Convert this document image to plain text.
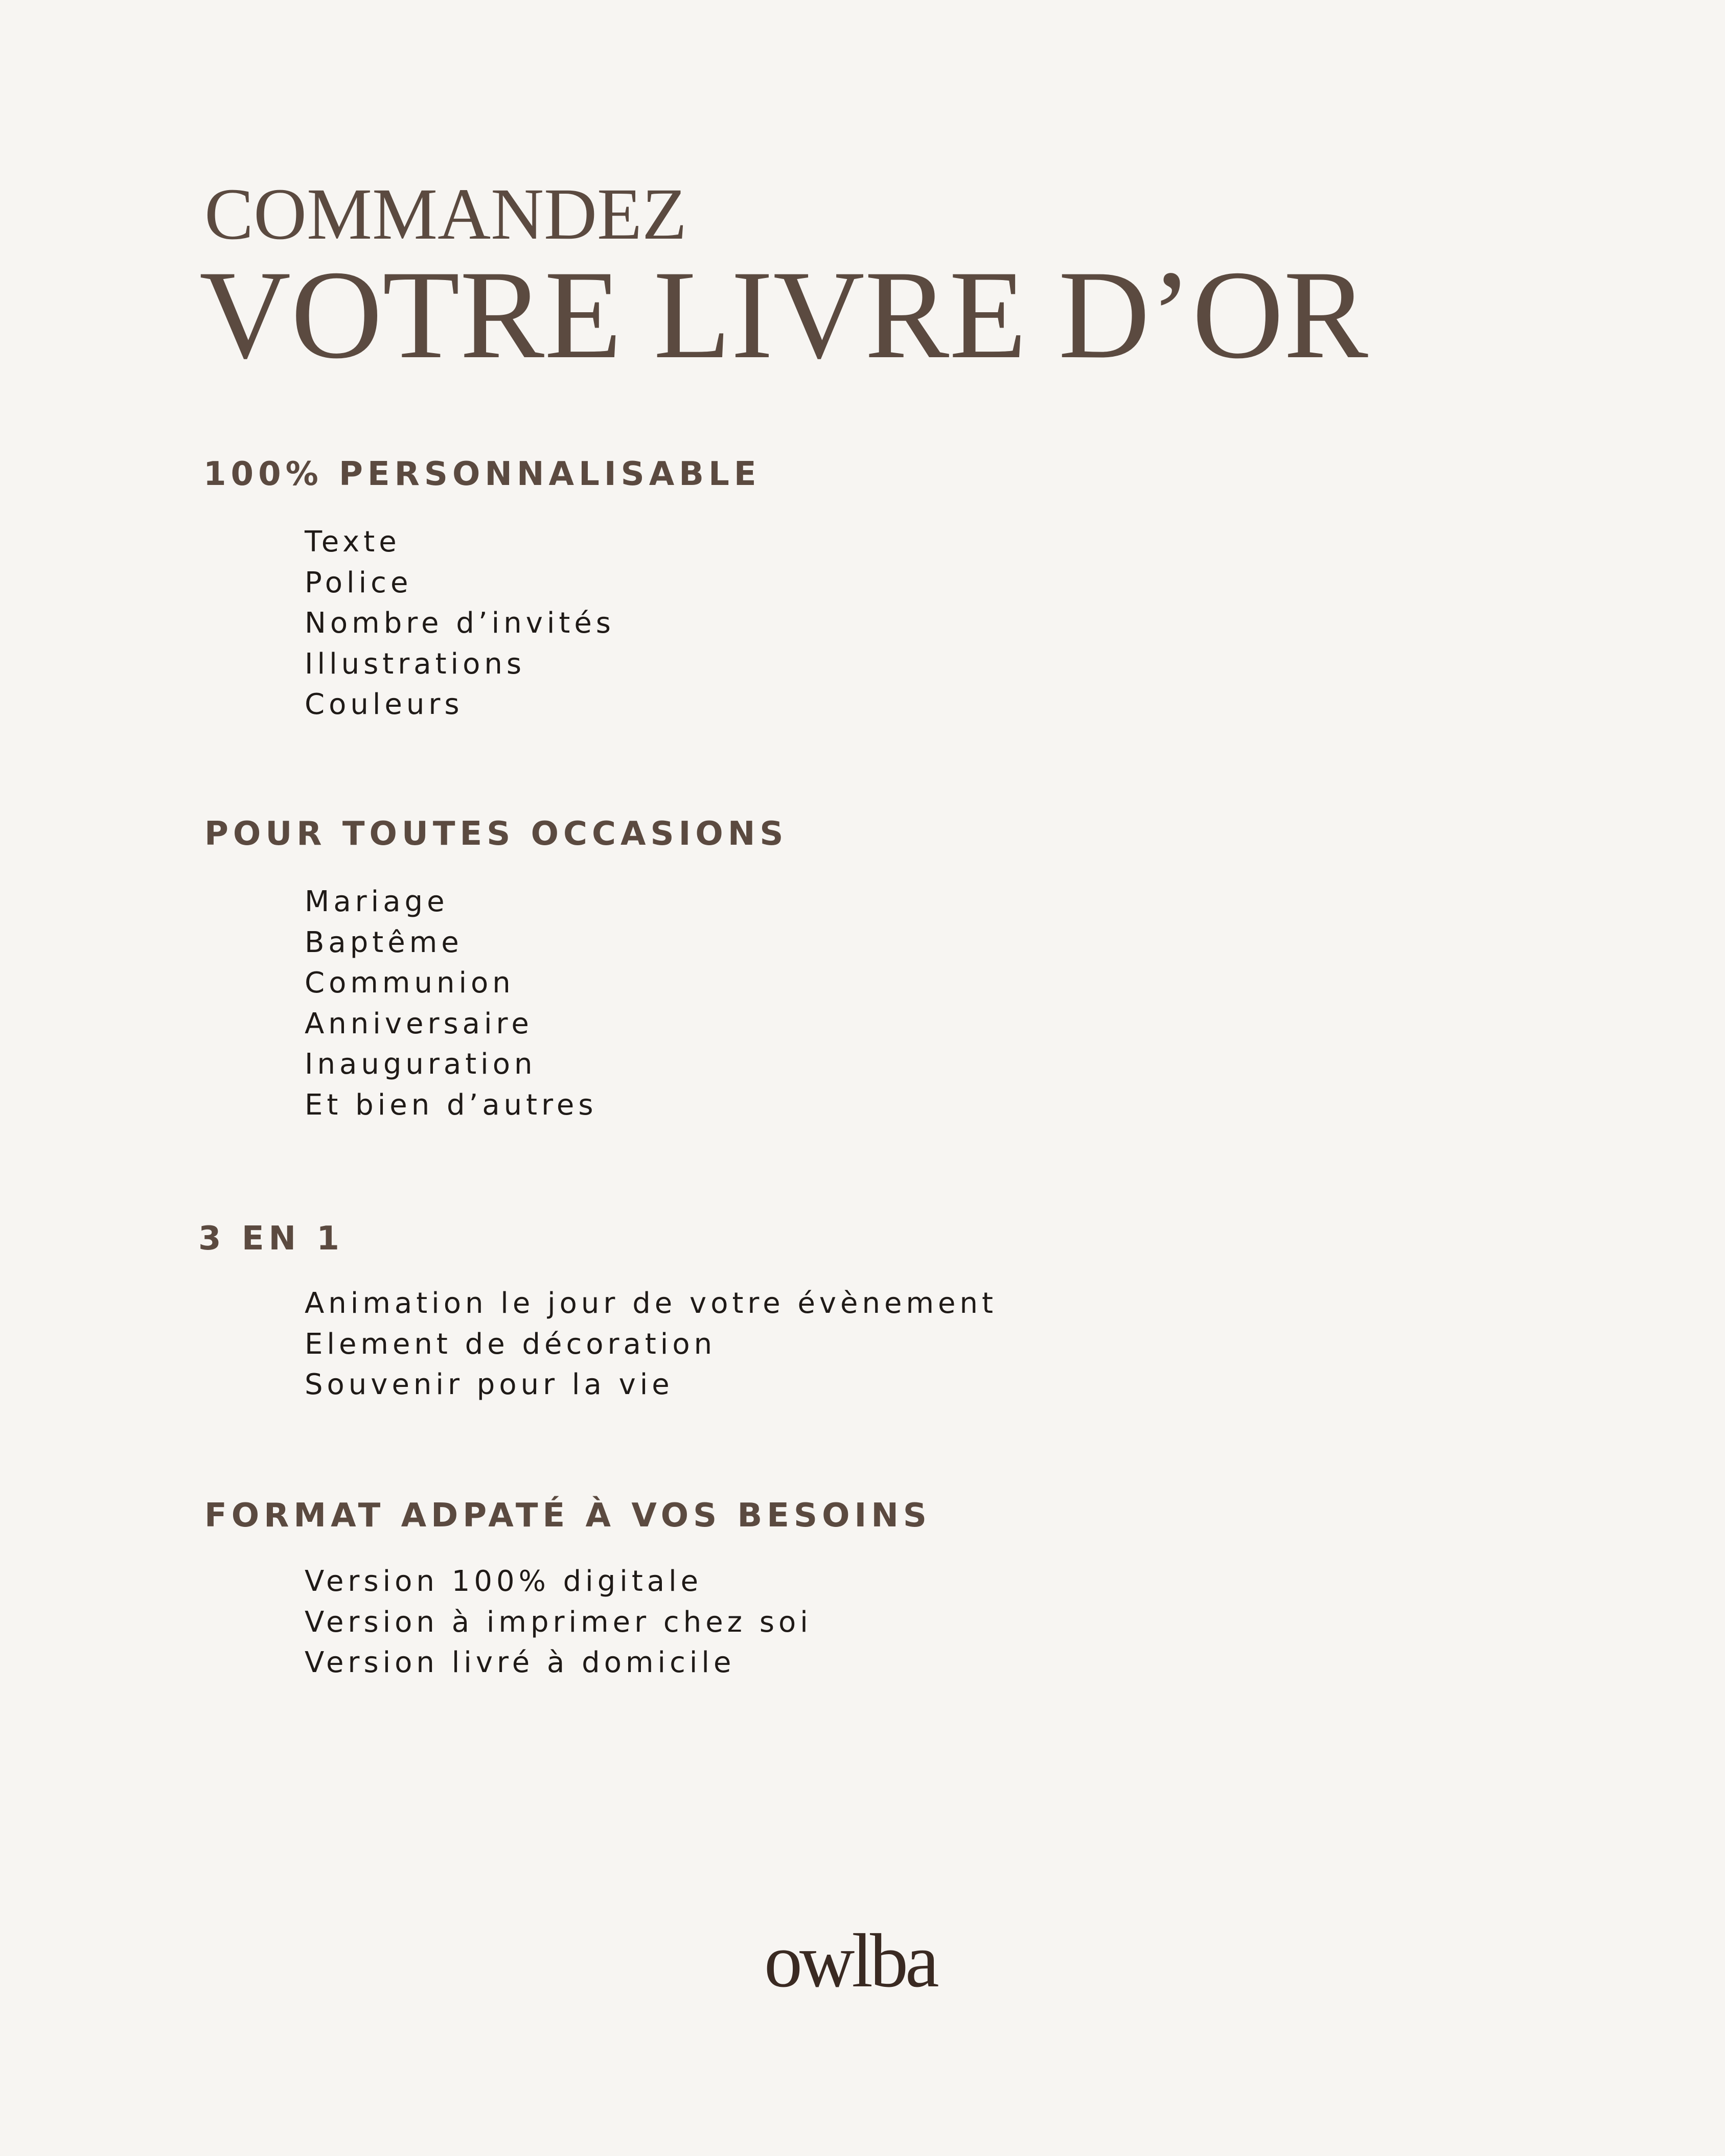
COMMANDEZ
VOTRE LIVRE D’OR
100% PERSONNALISABLE
Texte
Police
Nombre d’invités
Illustrations
Couleurs
POUR TOUTES OCCASIONS
Mariage
Baptême
Communion
Anniversaire
Inauguration
Et bien d’autres
3 EN 1
Animation le jour de votre évènement
Element de décoration
Souvenir pour la vie
FORMAT ADPATÉ À VOS BESOINS
Version 100% digitale
Version à imprimer chez soi
Version livré à domicile
owlba
